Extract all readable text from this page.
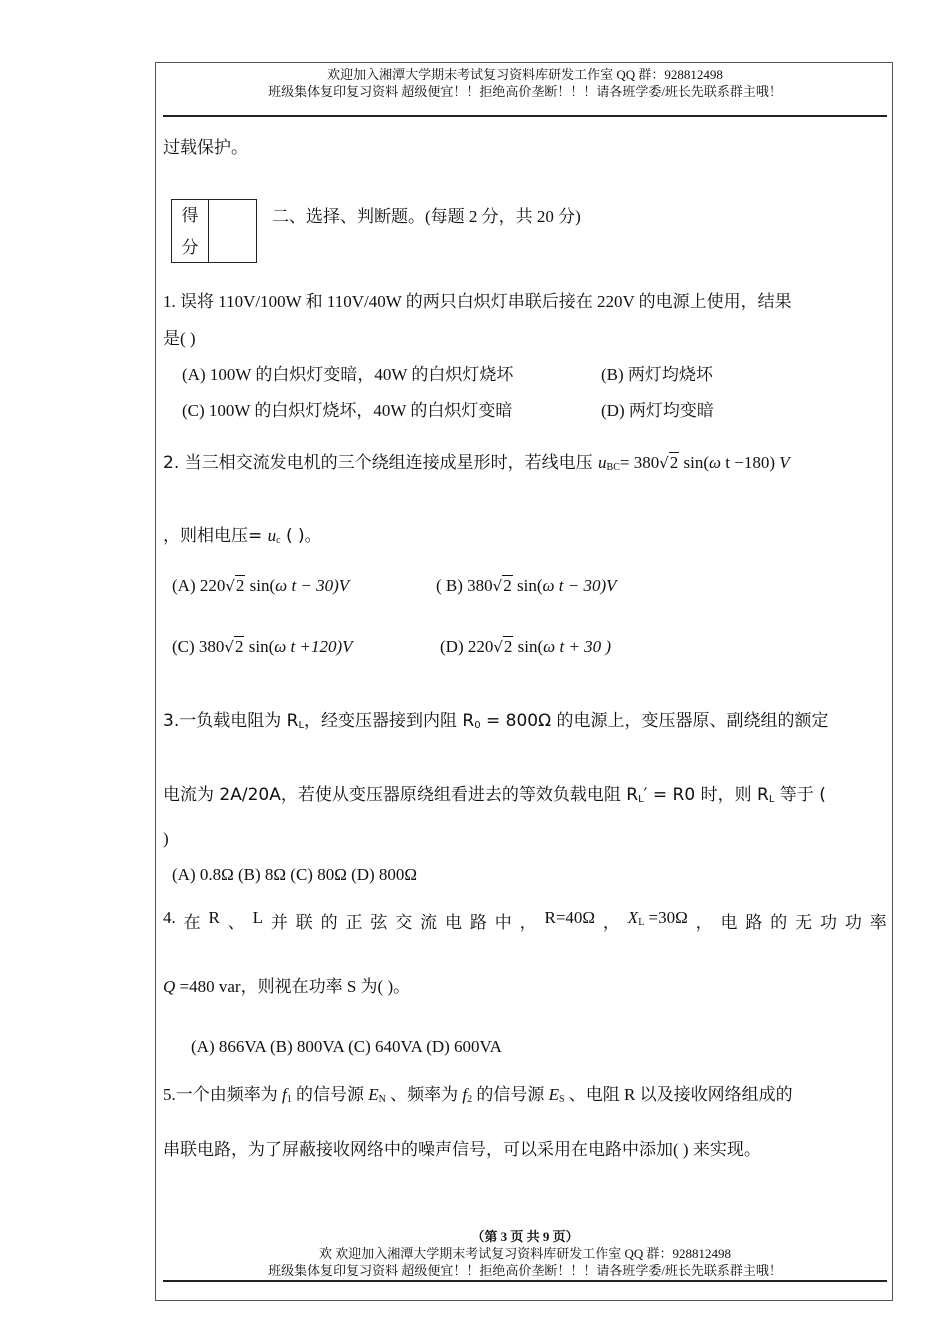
欢迎加入湘潭大学期末考试复习资料库研发工作室 QQ 群：928812498
班级集体复印复习资料 超级便宜！！拒绝高价垄断！！！请各班学委/班长先联系群主哦！
过载保护。
得
分
二、选择、判断题。(每题 2 分，共 20 分)
1. 误将 110V/100W 和 110V/40W 的两只白炽灯串联后接在 220V 的电源上使用，结果
是( )
(A) 100W 的白炽灯变暗，40W 的白炽灯烧坏	(B) 两灯均烧坏
(C) 100W 的白炽灯烧坏，40W 的白炽灯变暗	(D) 两灯均变暗
2. 当三相交流发电机的三个绕组连接成星形时，若线电压 $u_{BC}= 380√2$ sin(ω t −180) V
，则相电压= $u_c$ ( )。
(A) 220√2 sin(ω t − 30)V	( B) 380√2 sin(ω t − 30)V
(C) 380√2 sin(ω t +120)V	(D) 220√2 sin(ω t + 30 )
3.一负载电阻为 $R_L$，经变压器接到内阻 $R_0 = 800\Omega$ 的电源上，变压器原、副绕组的额定
电流为 2A/20A，若使从变压器原绕组看进去的等效负载电阻 $R_L' = R0$ 时，则 $R_L$ 等于 (
)
(A) 0.8Ω (B) 8Ω (C) 80Ω (D) 800Ω
4. 在 R 、 L 并 联 的 正 弦 交 流 电 路 中 ， R=40Ω ， $X_L =30\Omega$ ， 电 路 的 无 功 功 率
Q =480 var，则视在功率 S 为( )。
(A) 866VA (B) 800VA (C) 640VA (D) 600VA
5.一个由频率为 $f_1$ 的信号源 $E_N$ 、频率为 $f_2$ 的信号源 $E_S$ 、电阻 R 以及接收网络组成的
串联电路，为了屏蔽接收网络中的噪声信号，可以采用在电路中添加( ) 来实现。
（第 3 页 共 9 页）
欢 欢迎加入湘潭大学期末考试复习资料库研发工作室 QQ 群：928812498
班级集体复印复习资料 超级便宜！！拒绝高价垄断！！！请各班学委/班长先联系群主哦！
